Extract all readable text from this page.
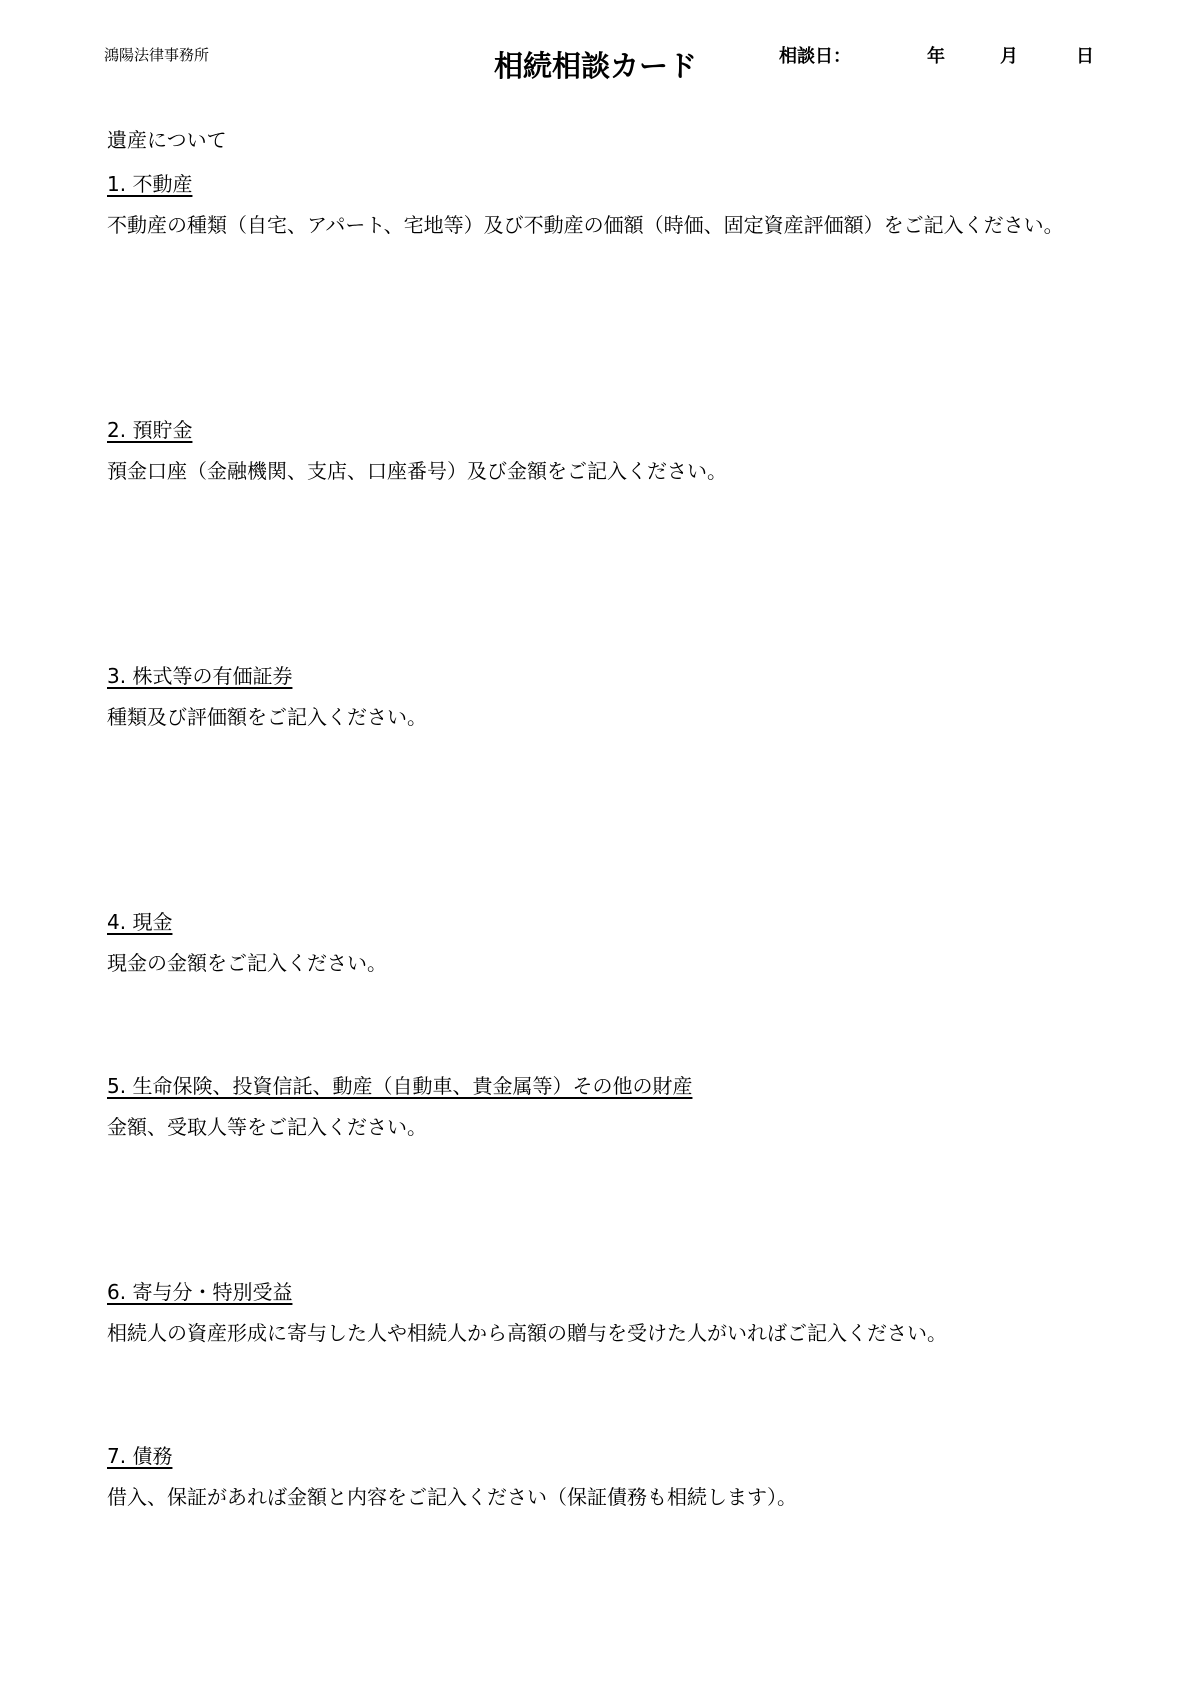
鴻陽法律事務所	相続相談カード	相談日：	年	月	日
遺産について
1. 不動産
不動産の種類（自宅、アパート、宅地等）及び不動産の価額（時価、固定資産評価額）をご記入ください。
2. 預貯金
預金口座（金融機関、支店、口座番号）及び金額をご記入ください。
3. 株式等の有価証券
種類及び評価額をご記入ください。
4. 現金
現金の金額をご記入ください。
5. 生命保険、投資信託、動産（自動車、貴金属等）その他の財産
金額、受取人等をご記入ください。
6. 寄与分・特別受益
相続人の資産形成に寄与した人や相続人から高額の贈与を受けた人がいればご記入ください。
7. 債務
借入、保証があれば金額と内容をご記入ください（保証債務も相続します）。
